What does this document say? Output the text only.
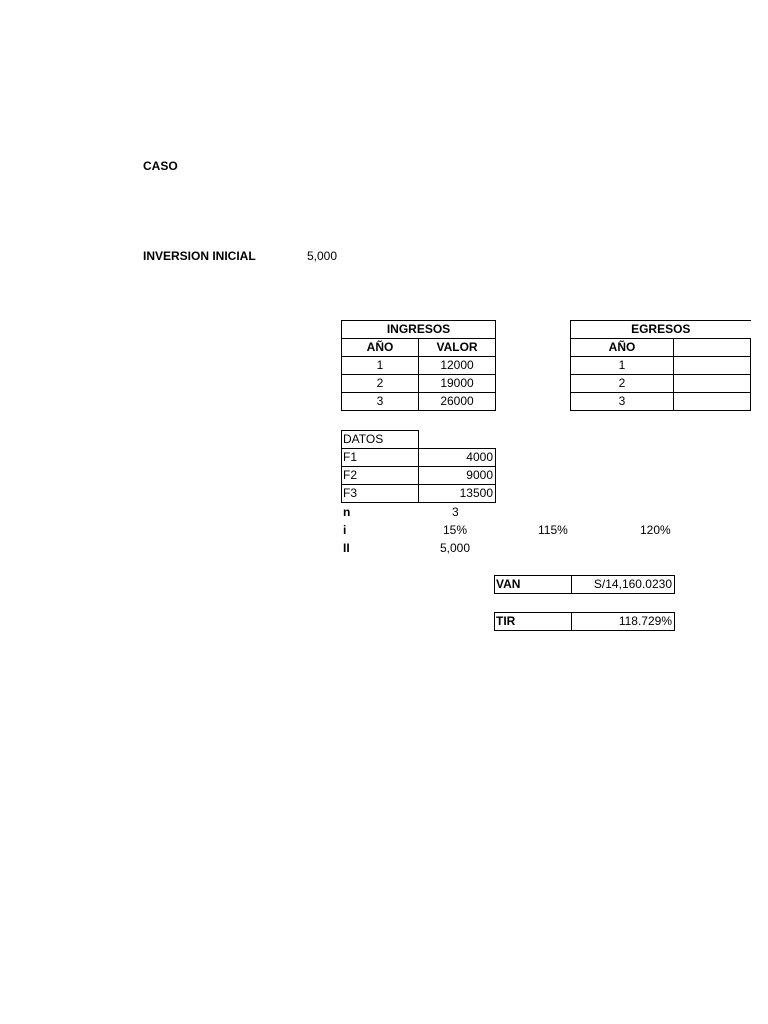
CASO
INVERSION INICIAL	5,000
INGRESOS	
AÑO	VALOR
1	12000
2	19000
3	26000
EGRESOS	
AÑO	
1	
2	
3	
DATOS	
F1	4000
F2	9000
F3	13500
n	3
i	15%	115%	120%
II	5,000
VAN	S/14,160.0230
TIR	118.729%
